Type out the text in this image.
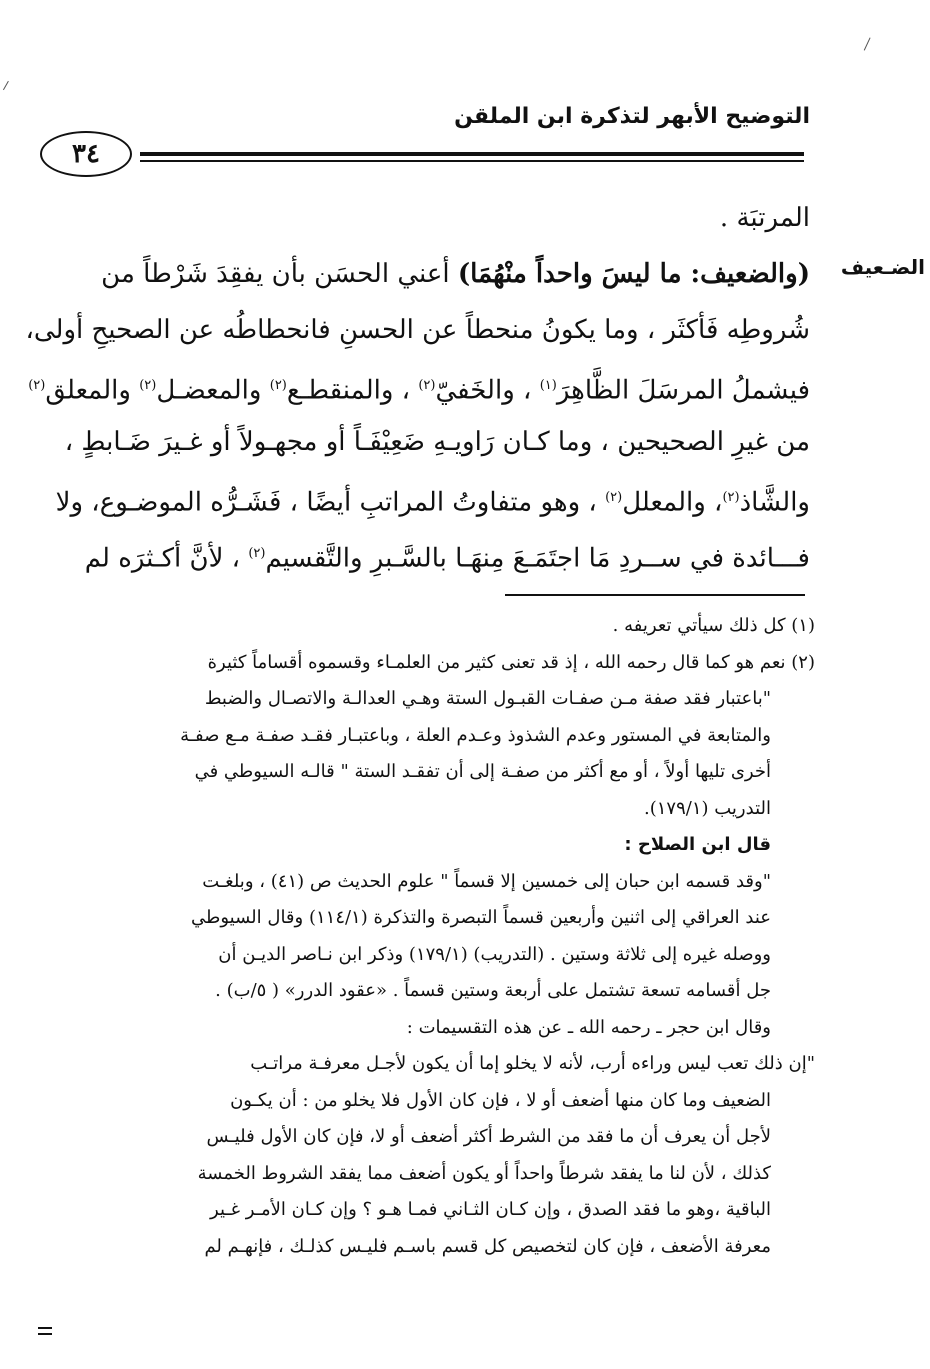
التوضيح الأبهر لتذكرة ابن الملقن
٣٤
الضـعيف
المرتبَة .
(والضعيف: ما ليسَ واحداً منْهُمَا) أعني الحسَن بأن يفقِدَ شَرْطاً من
شُروطِه فَأكثَر ، وما يكونُ منحطاً عن الحسنِ فانحطاطُه عن الصحيحِ أولى،
فيشملُ المرسَلَ الظَّاهِرَ$^{(١)}$ ، والخَفيّ$^{(٢)}$ ، والمنقطـع$^{(٢)}$ والمعضـل$^{(٢)}$ والمعلق$^{(٢)}$
من غيرِ الصحيحين ، وما كـان رَاويـهِ ضَعِيْفَـاً أو مجهـولاً أو غـيرَ ضَـابطٍ ،
والشَّاذ$^{(٢)}$، والمعلل$^{(٢)}$ ، وهو متفاوتُ المراتبِ أيضًا ، فَشَـرُّه الموضـوع، ولا
فـــائدة في ســردِ مَا اجتَمَـعَ مِنهَـا بالسَّـبرِ والتَّقسيم$^{(٢)}$ ، لأنَّ أكـثرَه لم
(١) كل ذلك سيأتي تعريفه .
(٢) نعم هو كما قال رحمه الله ، إذ قد تعنى كثير من العلمـاء وقسموه أقساماً كثيرة
"باعتبار فقد صفة مـن صفـات القبـول الستة وهـي العدالـة والاتصـال والضبط
والمتابعة في المستور وعدم الشذوذ وعـدم العلة ، وباعتبـار فقـد صفـة مـع صفـة
أخرى تليها أولاً ، أو مع أكثر من صفـة إلى أن تفقـد الستة " قالـه السيوطي في
التدريب (١٧٩/١).
قال ابن الصلاح :
"وقد قسمه ابن حبان إلى خمسين إلا قسماً " علوم الحديث ص (٤١) ، وبلغـت
عند العراقي إلى اثنين وأربعين قسماً التبصرة والتذكرة (١١٤/١) وقال السيوطي
ووصله غيره إلى ثلاثة وستين . (التدريب) (١٧٩/١) وذكر ابن نـاصر الديـن أن
جل أقسامه تسعة تشتمل على أربعة وستين قسماً . «عقود الدرر» ( ٥/ب) .
وقال ابن حجر ـ رحمه الله ـ عن هذه التقسيمات :
"إن ذلك تعب ليس وراءه أرب، لأنه لا يخلو إما أن يكون لأجـل معرفـة مراتـب
الضعيف وما كان منها أضعف أو لا ، فإن كان الأول فلا يخلو من : أن يكـون
لأجل أن يعرف أن ما فقد من الشرط أكثر أضعف أو لا، فإن كان الأول فليـس
كذلك ، لأن لنا ما يفقد شرطاً واحداً أو يكون أضعف مما يفقد الشروط الخمسة
الباقية ،وهو ما فقد الصدق ، وإن كـان الثـاني فمـا هـو ؟ وإن كـان الأمـر غـير
معرفة الأضعف ، فإن كان لتخصيص كل قسم باسـم فليـس كذلـك ، فإنهـم لم
